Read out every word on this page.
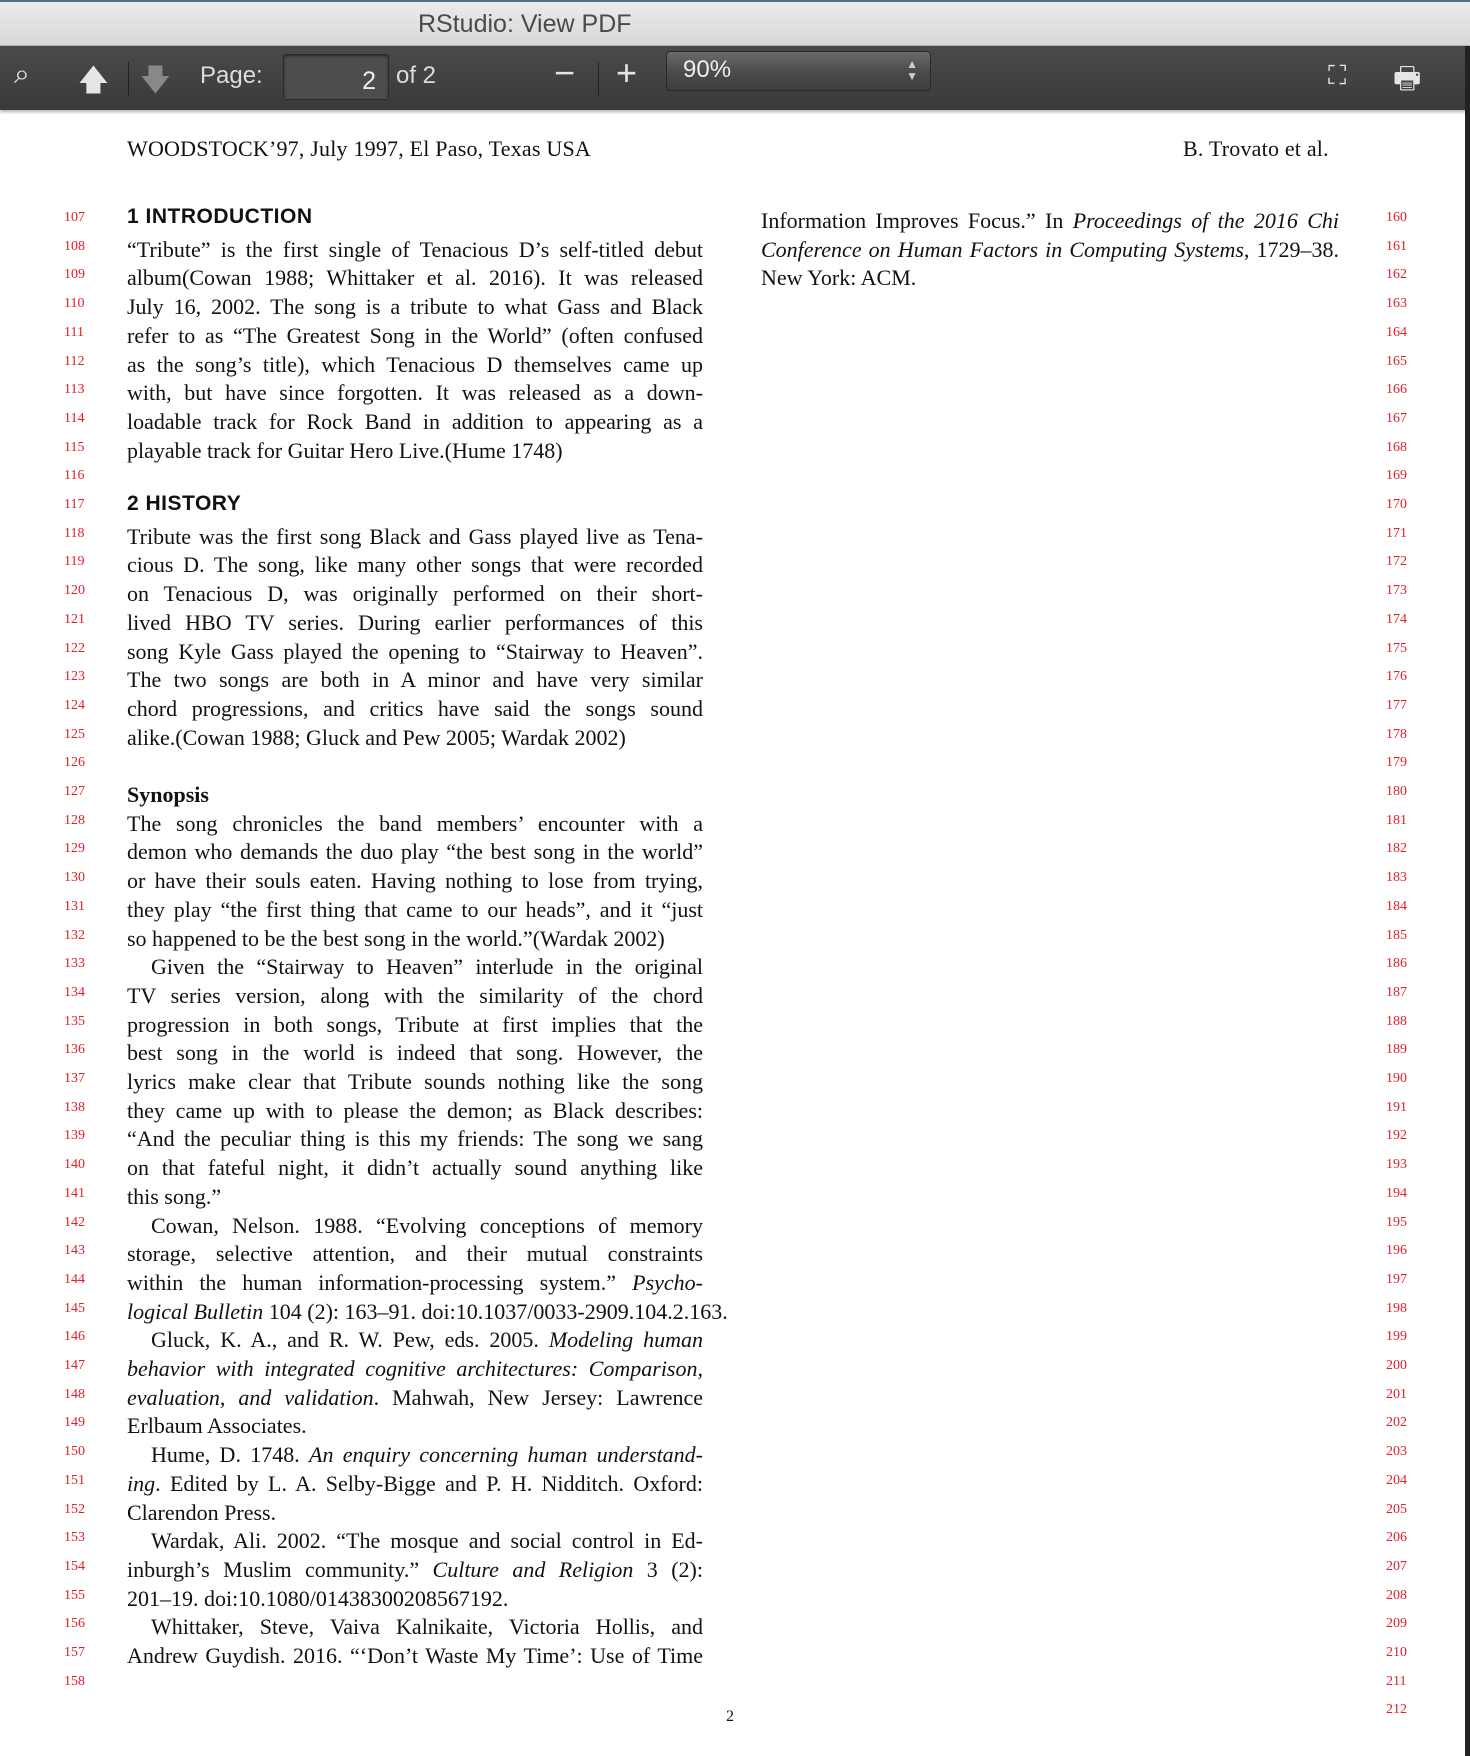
RStudio: View PDF
⌕ 🡅 🡇 Page:	2 of 2	− +	90%	▲
▼	⛶ 🖶
WOODSTOCK’97, July 1997, El Paso, Texas USA	B. Trovato et al.
107	1 INTRODUCTION
108	“Tribute” is the first single of Tenacious D’s self-titled debut
109	album(Cowan 1988; Whittaker et al. 2016). It was released
110	July 16, 2002. The song is a tribute to what Gass and Black
111	refer to as “The Greatest Song in the World” (often confused
112	as the song’s title), which Tenacious D themselves came up
113	with, but have since forgotten. It was released as a down-
114	loadable track for Rock Band in addition to appearing as a
115	playable track for Guitar Hero Live.(Hume 1748)
116
117	2 HISTORY
118	Tribute was the first song Black and Gass played live as Tena-
119	cious D. The song, like many other songs that were recorded
120	on Tenacious D, was originally performed on their short-
121	lived HBO TV series. During earlier performances of this
122	song Kyle Gass played the opening to “Stairway to Heaven”.
123	The two songs are both in A minor and have very similar
124	chord progressions, and critics have said the songs sound
125	alike.(Cowan 1988; Gluck and Pew 2005; Wardak 2002)
126
127	Synopsis
128	The song chronicles the band members’ encounter with a
129	demon who demands the duo play “the best song in the world”
130	or have their souls eaten. Having nothing to lose from trying,
131	they play “the first thing that came to our heads”, and it “just
132	so happened to be the best song in the world.”(Wardak 2002)
133	Given the “Stairway to Heaven” interlude in the original
134	TV series version, along with the similarity of the chord
135	progression in both songs, Tribute at first implies that the
136	best song in the world is indeed that song. However, the
137	lyrics make clear that Tribute sounds nothing like the song
138	they came up with to please the demon; as Black describes:
139	“And the peculiar thing is this my friends: The song we sang
140	on that fateful night, it didn’t actually sound anything like
141	this song.”
142	Cowan, Nelson. 1988. “Evolving conceptions of memory
143	storage, selective attention, and their mutual constraints
144	within the human information-processing system.” Psycho-
145	logical Bulletin 104 (2): 163–91. doi:10.1037/0033-2909.104.2.163.
146	Gluck, K. A., and R. W. Pew, eds. 2005. Modeling human
147	behavior with integrated cognitive architectures: Comparison,
148	evaluation, and validation. Mahwah, New Jersey: Lawrence
149	Erlbaum Associates.
150	Hume, D. 1748. An enquiry concerning human understand-
151	ing. Edited by L. A. Selby-Bigge and P. H. Nidditch. Oxford:
152	Clarendon Press.
153	Wardak, Ali. 2002. “The mosque and social control in Ed-
154	inburgh’s Muslim community.” Culture and Religion 3 (2):
155	201–19. doi:10.1080/01438300208567192.
156	Whittaker, Steve, Vaiva Kalnikaite, Victoria Hollis, and
157	Andrew Guydish. 2016. “‘Don’t Waste My Time’: Use of Time
158
160
Information Improves Focus.” In Proceedings of the 2016 Chi
161
Conference on Human Factors in Computing Systems, 1729–38.
162
New York: ACM.
163
164
165
166
167
168
169
170
171
172
173
174
175
176
177
178
179
180
181
182
183
184
185
186
187
188
189
190
191
192
193
194
195
196
197
198
199
200
201
202
203
204
205
206
207
208
209
210
211
212
2
